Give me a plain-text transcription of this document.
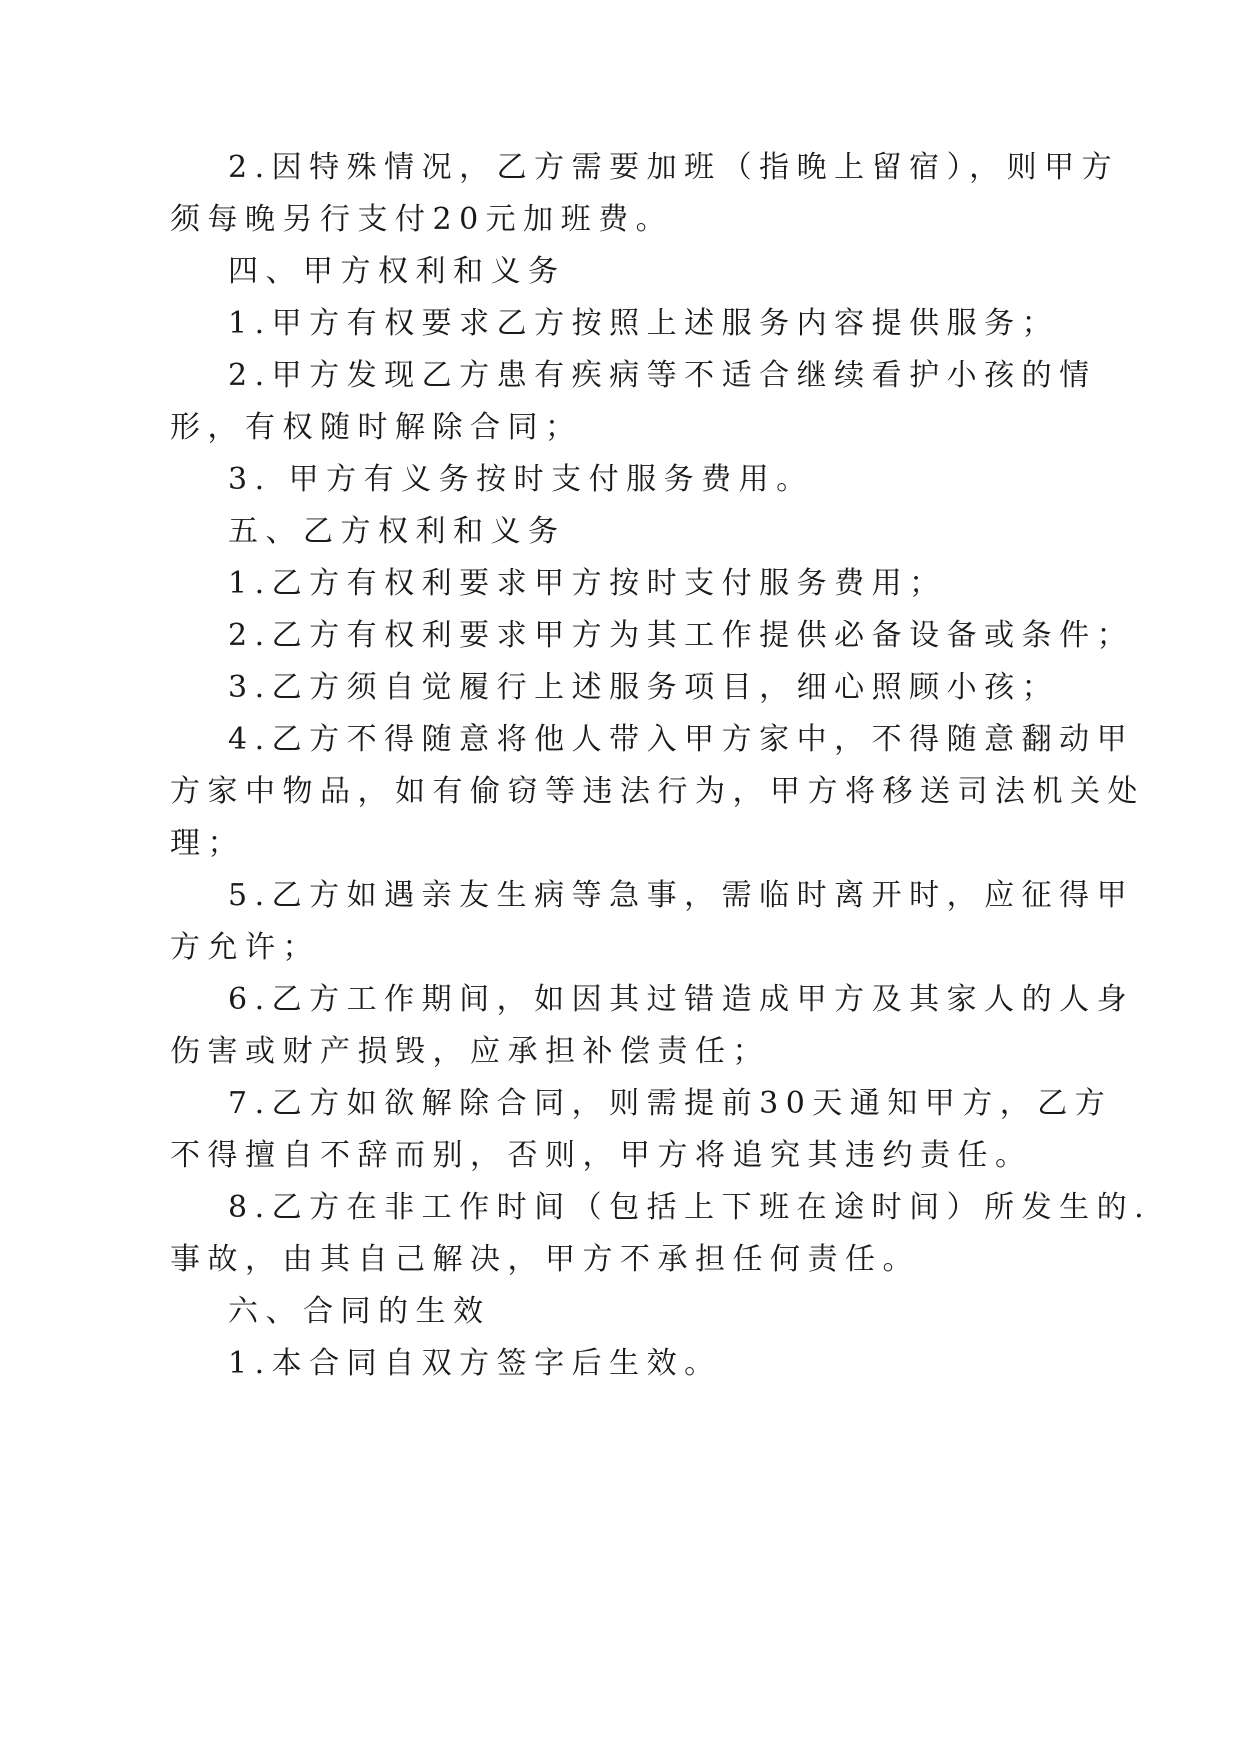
2.因特殊情况，乙方需要加班（指晚上留宿），则甲方
须每晚另行支付20元加班费。
四、甲方权利和义务
1.甲方有权要求乙方按照上述服务内容提供服务；
2.甲方发现乙方患有疾病等不适合继续看护小孩的情
形，有权随时解除合同；
3. 甲方有义务按时支付服务费用。
五、乙方权利和义务
1.乙方有权利要求甲方按时支付服务费用；
2.乙方有权利要求甲方为其工作提供必备设备或条件；
3.乙方须自觉履行上述服务项目，细心照顾小孩；
4.乙方不得随意将他人带入甲方家中，不得随意翻动甲
方家中物品，如有偷窃等违法行为，甲方将移送司法机关处
理；
5.乙方如遇亲友生病等急事，需临时离开时，应征得甲
方允许；
6.乙方工作期间，如因其过错造成甲方及其家人的人身
伤害或财产损毁，应承担补偿责任；
7.乙方如欲解除合同，则需提前30天通知甲方，乙方
不得擅自不辞而别，否则，甲方将追究其违约责任。
8.乙方在非工作时间（包括上下班在途时间）所发生的.
事故，由其自己解决，甲方不承担任何责任。
六、合同的生效
1.本合同自双方签字后生效。
